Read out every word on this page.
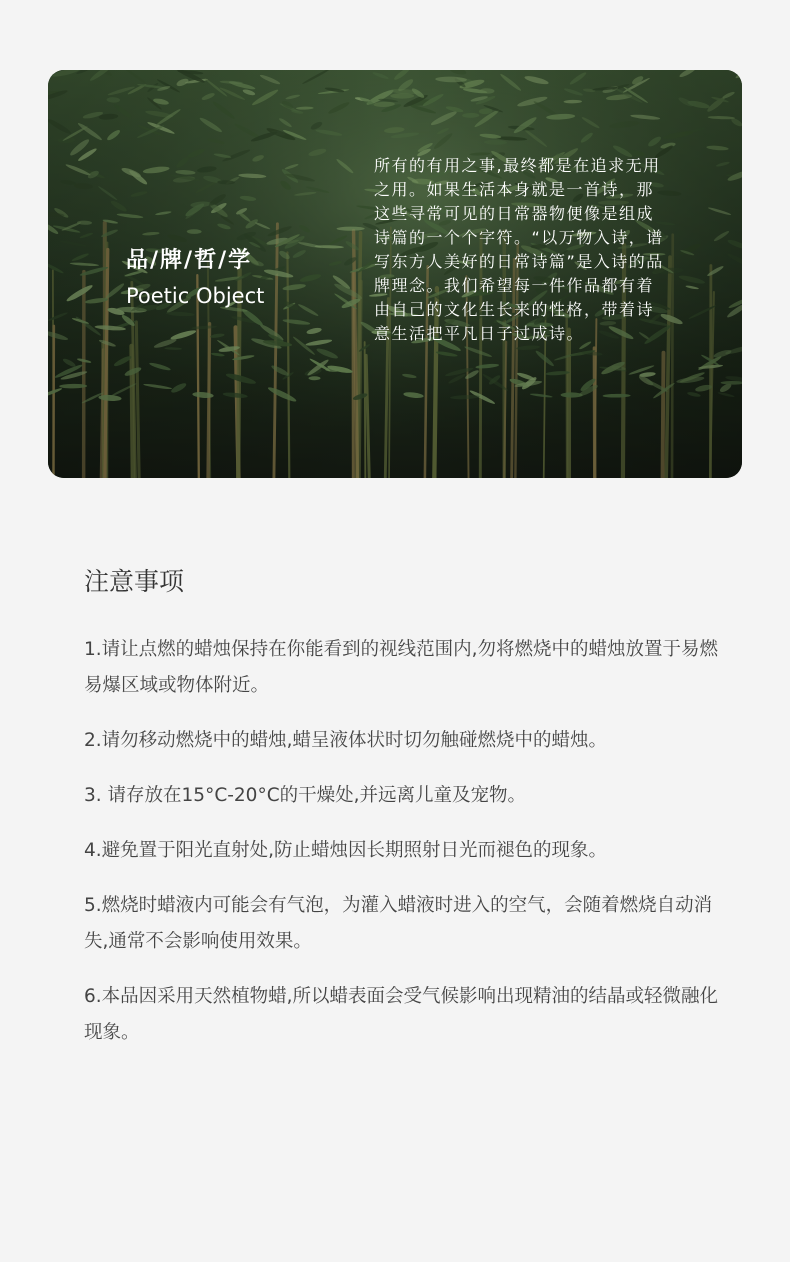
品/牌/哲/学
Poetic Object
所有的有用之事,最终都是在追求无用之用。如果生活本身就是一首诗，那这些寻常可见的日常器物便像是组成诗篇的一个个字符。“以万物入诗，谱写东方人美好的日常诗篇”是入诗的品牌理念。我们希望每一件作品都有着由自己的文化生长来的性格，带着诗意生活把平凡日子过成诗。
注意事项
1.请让点燃的蜡烛保持在你能看到的视线范围内,勿将燃烧中的蜡烛放置于易燃易爆区域或物体附近。
2.请勿移动燃烧中的蜡烛,蜡呈液体状时切勿触碰燃烧中的蜡烛。
3. 请存放在15°C-20°C的干燥处,并远离儿童及宠物。
4.避免置于阳光直射处,防止蜡烛因长期照射日光而褪色的现象。
5.燃烧时蜡液内可能会有气泡，为灌入蜡液时进入的空气，会随着燃烧自动消失,通常不会影响使用效果。
6.本品因采用天然植物蜡,所以蜡表面会受气候影响出现精油的结晶或轻微融化现象。
